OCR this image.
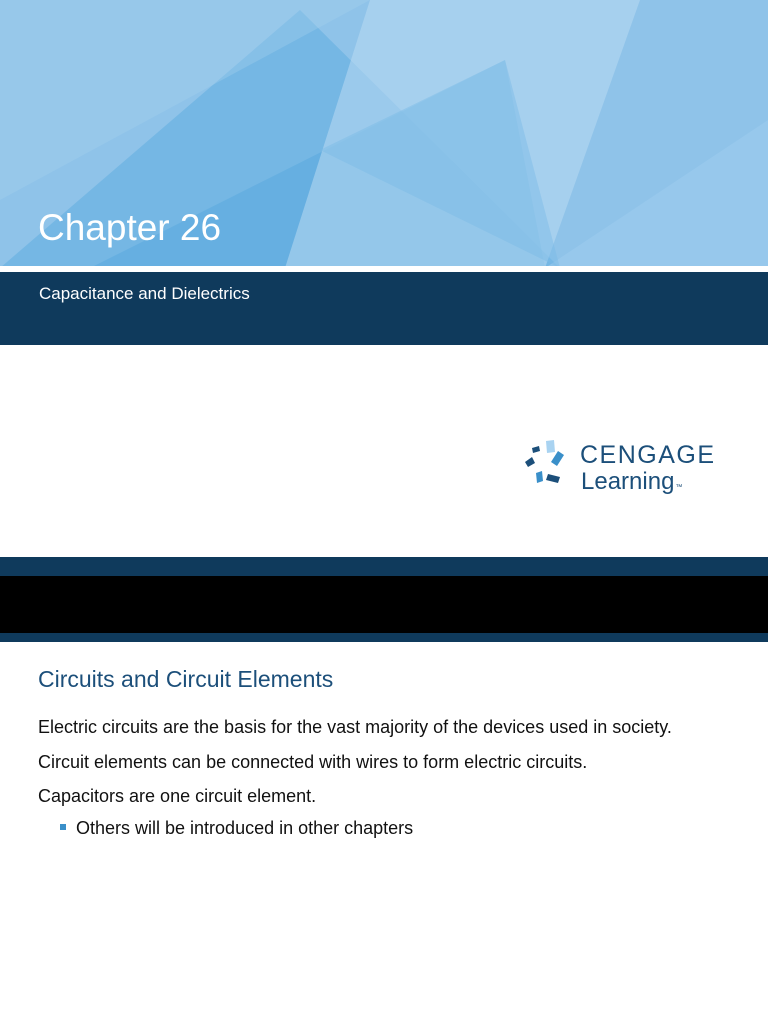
Chapter 26
Capacitance and Dielectrics
CENGAGE
Learning™
Circuits and Circuit Elements

Electric circuits are the basis for the vast majority of the devices used in society.

Circuit elements can be connected with wires to form electric circuits.

Capacitors are one circuit element.

Others will be introduced in other chapters
